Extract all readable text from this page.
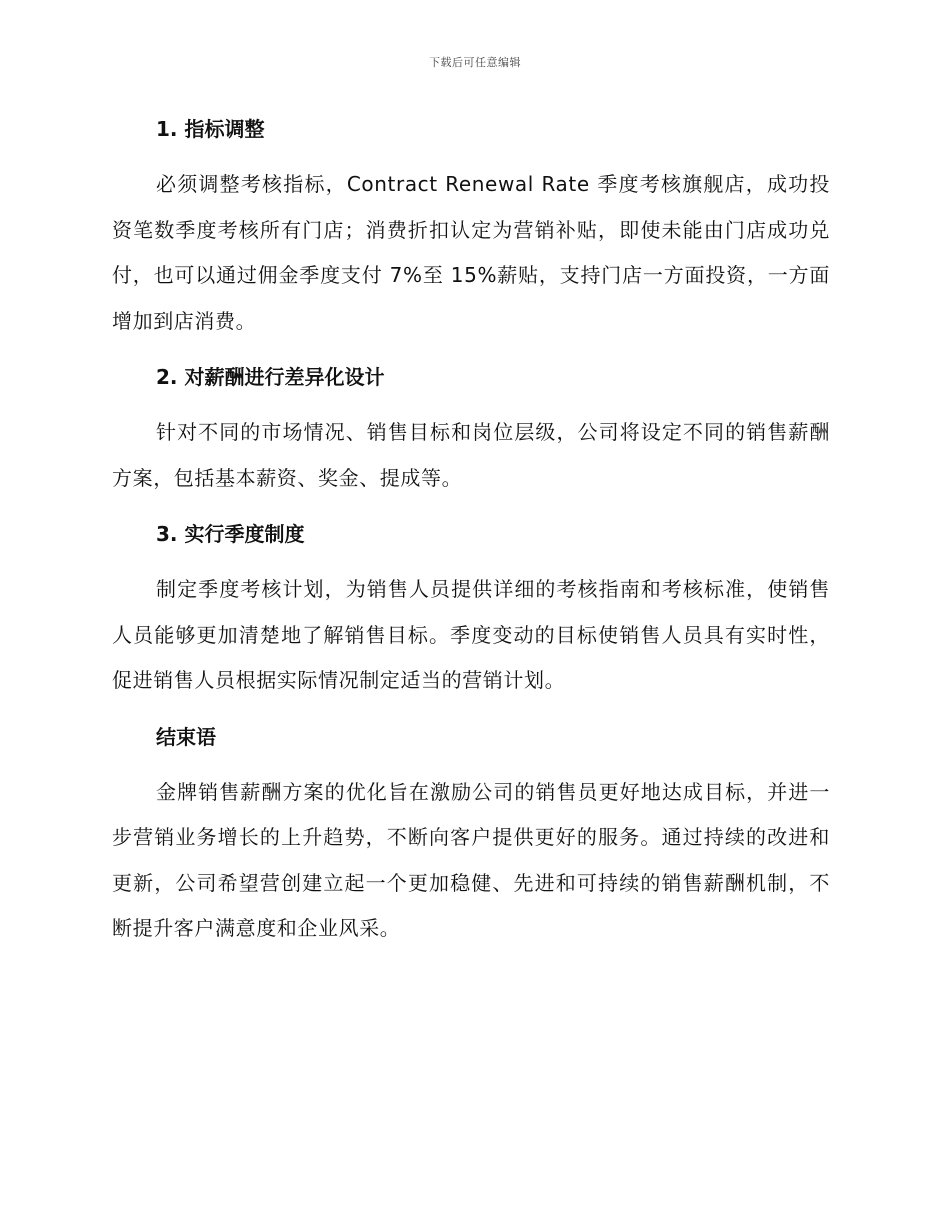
下载后可任意编辑
1. 指标调整

必须调整考核指标，Contract Renewal Rate 季度考核旗舰店，成功投资笔数季度考核所有门店；消费折扣认定为营销补贴，即使未能由门店成功兑付，也可以通过佣金季度支付 7%至 15%薪贴，支持门店一方面投资，一方面增加到店消费。

2. 对薪酬进行差异化设计

针对不同的市场情况、销售目标和岗位层级，公司将设定不同的销售薪酬方案，包括基本薪资、奖金、提成等。

3. 实行季度制度

制定季度考核计划，为销售人员提供详细的考核指南和考核标准，使销售人员能够更加清楚地了解销售目标。季度变动的目标使销售人员具有实时性，促进销售人员根据实际情况制定适当的营销计划。

结束语

金牌销售薪酬方案的优化旨在激励公司的销售员更好地达成目标，并进一步营销业务增长的上升趋势，不断向客户提供更好的服务。通过持续的改进和更新，公司希望营创建立起一个更加稳健、先进和可持续的销售薪酬机制，不断提升客户满意度和企业风采。
